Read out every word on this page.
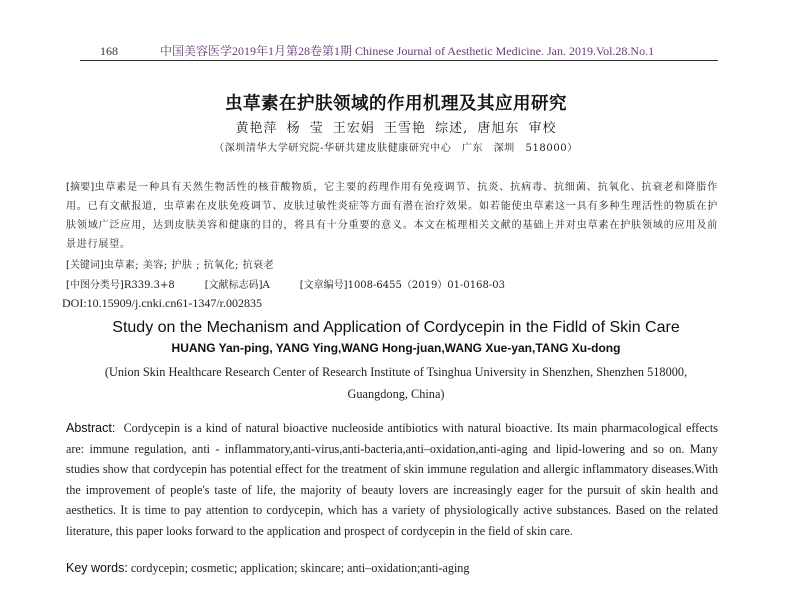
168	中国美容医学2019年1月第28卷第1期 Chinese Journal of Aesthetic Medicine. Jan. 2019.Vol.28.No.1
虫草素在护肤领域的作用机理及其应用研究
黄艳萍 杨 莹 王宏娟 王雪艳 综述, 唐旭东 审校
（深圳清华大学研究院-华研共建皮肤健康研究中心　广东　深圳　518000）
[摘要]虫草素是一种具有天然生物活性的核苷酸物质，它主要的药理作用有免疫调节、抗炎、抗病毒、抗细菌、抗氧化、抗衰老和降脂作用。已有文献报道，虫草素在皮肤免疫调节、皮肤过敏性炎症等方面有潜在治疗效果。如若能使虫草素这一具有多种生理活性的物质在护肤领域广泛应用，达到皮肤美容和健康的目的，将具有十分重要的意义。本文在梳理相关文献的基础上并对虫草素在护肤领域的应用及前景进行展望。
[关键词]虫草素; 美容; 护肤 ; 抗氧化; 抗衰老
[中图分类号]R339.3+8	[文献标志码]A	[文章编号]1008-6455（2019）01-0168-03
DOI:10.15909/j.cnki.cn61-1347/r.002835
Study on the Mechanism and Application of Cordycepin in the Fidld of Skin Care
HUANG Yan-ping, YANG Ying,WANG Hong-juan,WANG Xue-yan,TANG Xu-dong
(Union Skin Healthcare Research Center of Research Institute of Tsinghua University in Shenzhen, Shenzhen 518000, Guangdong, China)
Abstract: Cordycepin is a kind of natural bioactive nucleoside antibiotics with natural bioactive. Its main pharmacological effects are: immune regulation, anti - inflammatory,anti-virus,anti-bacteria,anti–oxidation,anti-aging and lipid-lowering and so on. Many studies show that cordycepin has potential effect for the treatment of skin immune regulation and allergic inflammatory diseases.With the improvement of people's taste of life, the majority of beauty lovers are increasingly eager for the pursuit of skin health and aesthetics. It is time to pay attention to cordycepin, which has a variety of physiologically active substances. Based on the related literature, this paper looks forward to the application and prospect of cordycepin in the field of skin care.
Key words: cordycepin; cosmetic; application; skincare; anti–oxidation;anti-aging
